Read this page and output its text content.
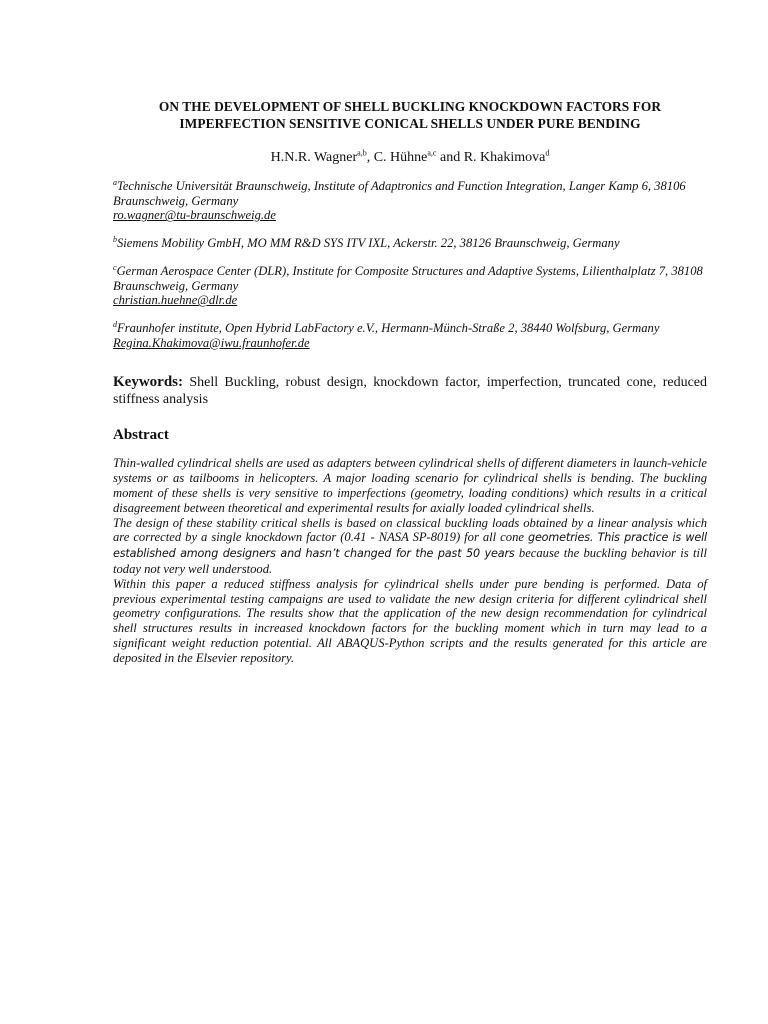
ON THE DEVELOPMENT OF SHELL BUCKLING KNOCKDOWN FACTORS FOR

IMPERFECTION SENSITIVE CONICAL SHELLS UNDER PURE BENDING

H.N.R. Wagner$^{a,b}$, C. Hühne$^{a,c}$ and R. Khakimova$^d$
$^a$Technische Universität Braunschweig, Institute of Adaptronics and Function Integration, Langer Kamp 6, 38106 Braunschweig, Germany
ro.wagner@tu-braunschweig.de
$^b$Siemens Mobility GmbH, MO MM R&D SYS ITV IXL, Ackerstr. 22, 38126 Braunschweig, Germany
$^c$German Aerospace Center (DLR), Institute for Composite Structures and Adaptive Systems, Lilienthalplatz 7, 38108 Braunschweig, Germany
christian.huehne@dlr.de
$^d$Fraunhofer institute, Open Hybrid LabFactory e.V., Hermann-Münch-Straße 2, 38440 Wolfsburg, Germany
Regina.Khakimova@iwu.fraunhofer.de
Keywords: Shell Buckling, robust design, knockdown factor, imperfection, truncated cone, reduced stiffness analysis
Abstract

Thin-walled cylindrical shells are used as adapters between cylindrical shells of different diameters in launch-vehicle systems or as tailbooms in helicopters. A major loading scenario for cylindrical shells is bending. The buckling moment of these shells is very sensitive to imperfections (geometry, loading conditions) which results in a critical disagreement between theoretical and experimental results for axially loaded cylindrical shells.

The design of these stability critical shells is based on classical buckling loads obtained by a linear analysis which are corrected by a single knockdown factor (0.41 - NASA SP-8019) for all cone geometries. This practice is well established among designers and hasn’t changed for the past 50 years because the buckling behavior is till today not very well understood.

Within this paper a reduced stiffness analysis for cylindrical shells under pure bending is performed. Data of previous experimental testing campaigns are used to validate the new design criteria for different cylindrical shell geometry configurations. The results show that the application of the new design recommendation for cylindrical shell structures results in increased knockdown factors for the buckling moment which in turn may lead to a significant weight reduction potential. All ABAQUS-Python scripts and the results generated for this article are deposited in the Elsevier repository.
